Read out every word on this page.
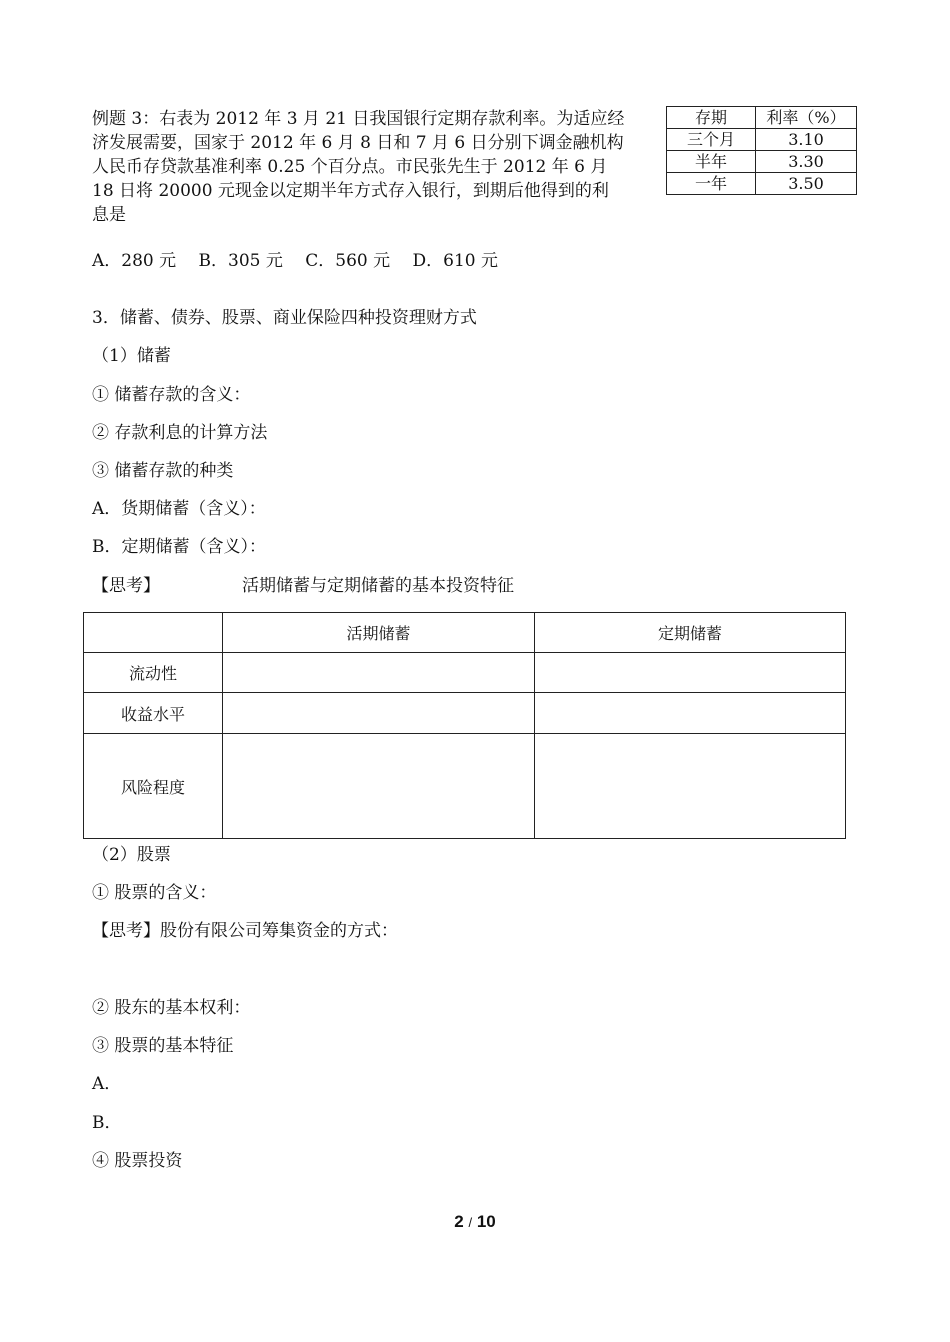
例题 3：右表为 2012 年 3 月 21 日我国银行定期存款利率。为适应经
济发展需要，国家于 2012 年 6 月 8 日和 7 月 6 日分别下调金融机构
人民币存贷款基准利率 0.25 个百分点。市民张先生于 2012 年 6 月
18 日将 20000 元现金以定期半年方式存入银行，到期后他得到的利
息是
A．280 元　 B．305 元　 C．560 元　 D．610 元
存期	利率（%）
三个月	3.10
半年	3.30
一年	3.50
3．储蓄、债券、股票、商业保险四种投资理财方式
（1）储蓄
① 储蓄存款的含义：
② 存款利息的计算方法
③ 储蓄存款的种类
A．货期储蓄（含义）：
B．定期储蓄（含义）：
【思考】	活期储蓄与定期储蓄的基本投资特征
	活期储蓄	定期储蓄
流动性		
收益水平		
风险程度		
（2）股票
① 股票的含义：
【思考】股份有限公司筹集资金的方式：
② 股东的基本权利：
③ 股票的基本特征
A．
B．
④ 股票投资
2 / 10
